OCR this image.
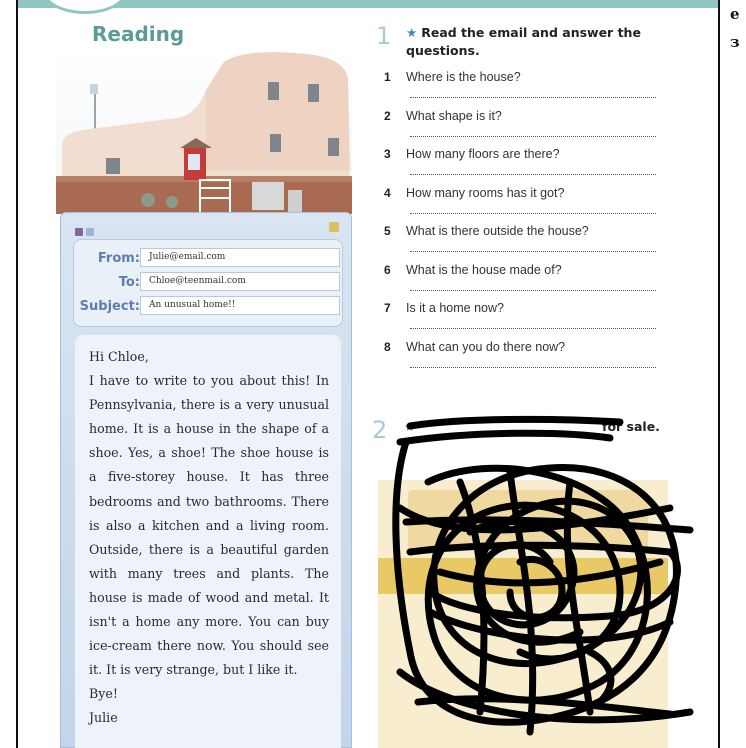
e
з
Reading
From:	Julie@email.com
To:	Chloe@teenmail.com
Subject:	An unusual home!!

Hi Chloe,

I have to write to you about this! In Pennsylvania, there is a very unusual home. It is a house in the shape of a shoe. Yes, a shoe! The shoe house is a five-storey house. It has three bedrooms and two bathrooms. There is also a kitchen and a living room. Outside, there is a beautiful garden with many trees and plants. The house is made of wood and metal. It isn't a home any more. You can buy ice-cream there now. You should see it. It is very strange, but I like it.

Bye!

Julie

1 ★ Read the email and answer the questions.
1 Where is the house?
2 What shape is it?
3 How many floors are there?
4 How many rooms has it got?
5 What is there outside the house?
6 What is the house made of?
7 Is it a home now?
8 What can you do there now?
2 ★	for sale.
